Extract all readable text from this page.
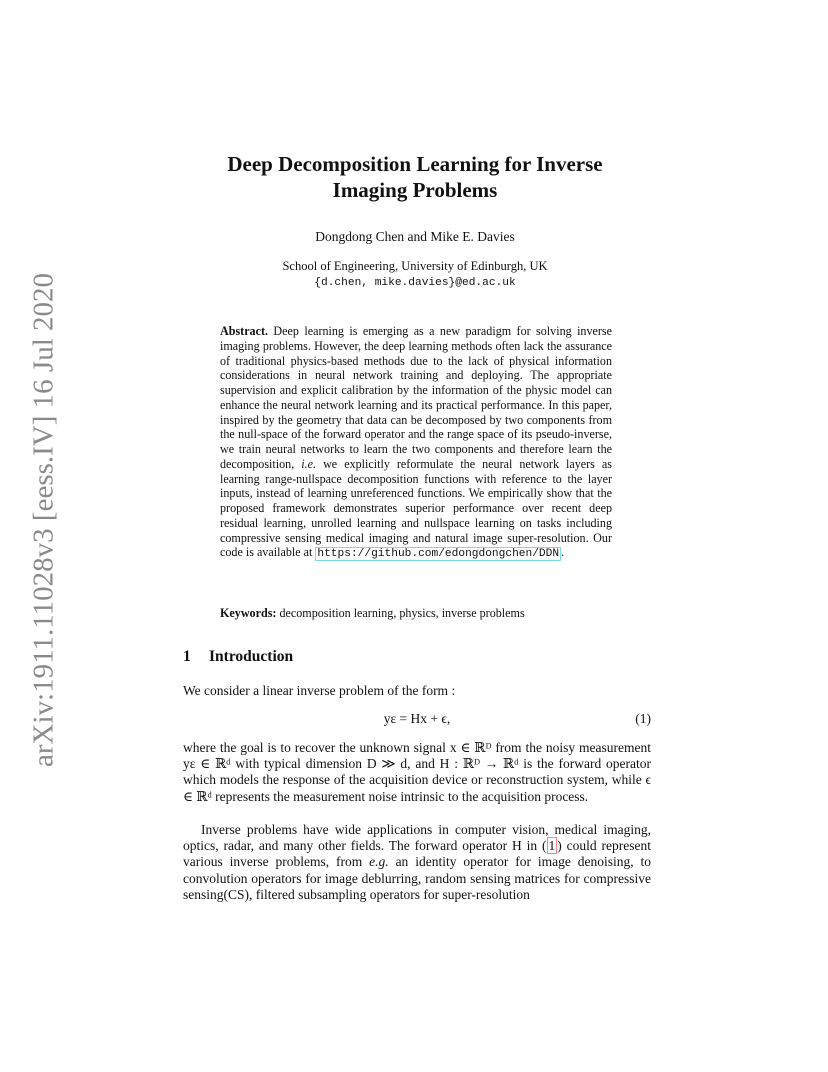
arXiv:1911.11028v3 [eess.IV] 16 Jul 2020
Deep Decomposition Learning for Inverse
Imaging Problems
Dongdong Chen and Mike E. Davies
School of Engineering, University of Edinburgh, UK
{d.chen, mike.davies}@ed.ac.uk
Abstract. Deep learning is emerging as a new paradigm for solving inverse imaging problems. However, the deep learning methods often lack the assurance of traditional physics-based methods due to the lack of physical information considerations in neural network training and deploying. The appropriate supervision and explicit calibration by the information of the physic model can enhance the neural network learning and its practical performance. In this paper, inspired by the geometry that data can be decomposed by two components from the null-space of the forward operator and the range space of its pseudo-inverse, we train neural networks to learn the two components and therefore learn the decomposition, i.e. we explicitly reformulate the neural network layers as learning range-nullspace decomposition functions with reference to the layer inputs, instead of learning unreferenced functions. We empirically show that the proposed framework demonstrates superior performance over recent deep residual learning, unrolled learning and nullspace learning on tasks including compressive sensing medical imaging and natural image super-resolution. Our code is available at https://github.com/edongdongchen/DDN .
Keywords: decomposition learning, physics, inverse problems
1 Introduction
We consider a linear inverse problem of the form :
yε = Hx + ϵ,	(1)
where the goal is to recover the unknown signal x ∈ ℝᴰ from the noisy measurement yε ∈ ℝᵈ with typical dimension D ≫ d, and H : ℝᴰ → ℝᵈ is the forward operator which models the response of the acquisition device or reconstruction system, while ϵ ∈ ℝᵈ represents the measurement noise intrinsic to the acquisition process.
Inverse problems have wide applications in computer vision, medical imaging, optics, radar, and many other fields. The forward operator H in ( 1 ) could represent various inverse problems, from e.g. an identity operator for image denoising, to convolution operators for image deblurring, random sensing matrices for compressive sensing(CS), filtered subsampling operators for super-resolution
